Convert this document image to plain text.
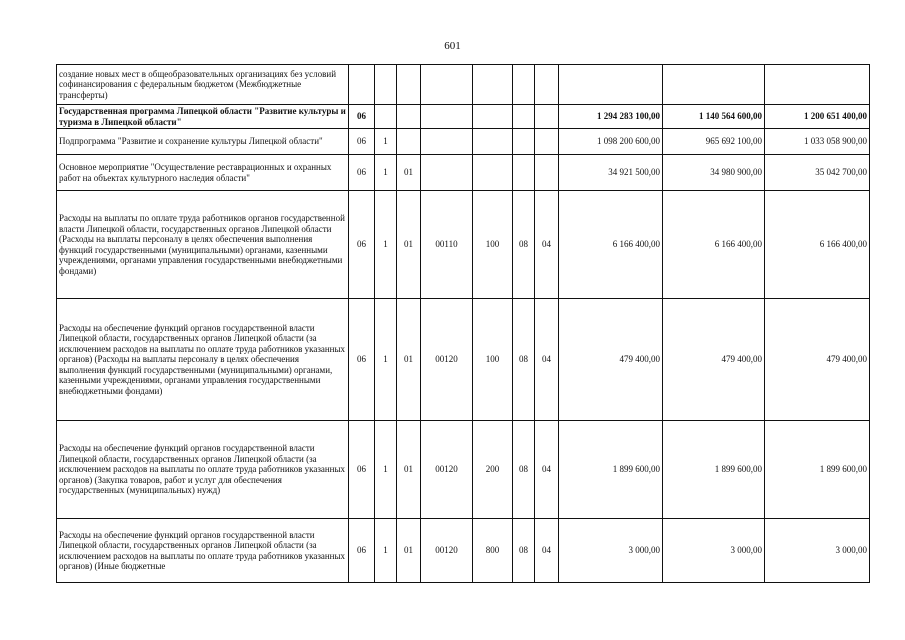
601
создание новых мест в общеобразовательных организациях без условий софинансирования с федеральным бюджетом (Межбюджетные трансферты)										
Государственная программа Липецкой области "Развитие культуры и туризма в Липецкой области"	06							1 294 283 100,00	1 140 564 600,00	1 200 651 400,00
Подпрограмма "Развитие и сохранение культуры Липецкой области"	06	1						1 098 200 600,00	965 692 100,00	1 033 058 900,00
Основное мероприятие "Осуществление реставрационных и охранных работ на объектах культурного наследия области"	06	1	01					34 921 500,00	34 980 900,00	35 042 700,00
Расходы на выплаты по оплате труда работников органов государственной власти Липецкой области, государственных органов Липецкой области (Расходы на выплаты персоналу в целях обеспечения выполнения функций государственными (муниципальными) органами, казенными учреждениями, органами управления государственными внебюджетными фондами)	06	1	01	00110	100	08	04	6 166 400,00	6 166 400,00	6 166 400,00
Расходы на обеспечение функций органов государственной власти Липецкой области, государственных органов Липецкой области (за исключением расходов на выплаты по оплате труда работников указанных органов) (Расходы на выплаты персоналу в целях обеспечения выполнения функций государственными (муниципальными) органами, казенными учреждениями, органами управления государственными внебюджетными фондами)	06	1	01	00120	100	08	04	479 400,00	479 400,00	479 400,00
Расходы на обеспечение функций органов государственной власти Липецкой области, государственных органов Липецкой области (за исключением расходов на выплаты по оплате труда работников указанных органов) (Закупка товаров, работ и услуг для обеспечения государственных (муниципальных) нужд)	06	1	01	00120	200	08	04	1 899 600,00	1 899 600,00	1 899 600,00
Расходы на обеспечение функций органов государственной власти Липецкой области, государственных органов Липецкой области (за исключением расходов на выплаты по оплате труда работников указанных органов) (Иные бюджетные	06	1	01	00120	800	08	04	3 000,00	3 000,00	3 000,00
